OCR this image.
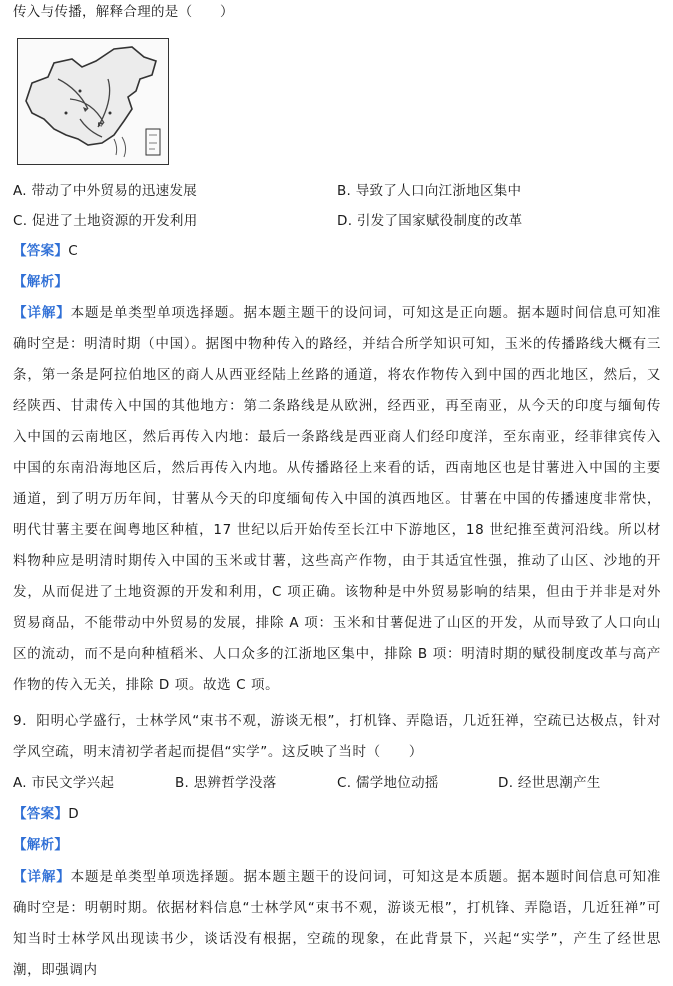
传入与传播，解释合理的是（　　）
A. 带动了中外贸易的迅速发展	B. 导致了人口向江浙地区集中
C. 促进了土地资源的开发利用	D. 引发了国家赋役制度的改革
【答案】C
【解析】
【详解】本题是单类型单项选择题。据本题主题干的设问词，可知这是正向题。据本题时间信息可知准确时空是：明清时期（中国）。据图中物种传入的路经，并结合所学知识可知，玉米的传播路线大概有三条，第一条是阿拉伯地区的商人从西亚经陆上丝路的通道，将农作物传入到中国的西北地区，然后，又经陕西、甘肃传入中国的其他地方：第二条路线是从欧洲，经西亚，再至南亚，从今天的印度与缅甸传入中国的云南地区，然后再传入内地：最后一条路线是西亚商人们经印度洋，至东南亚，经菲律宾传入中国的东南沿海地区后，然后再传入内地。从传播路径上来看的话，西南地区也是甘薯进入中国的主要通道，到了明万历年间，甘薯从今天的印度缅甸传入中国的滇西地区。甘薯在中国的传播速度非常快，明代甘薯主要在闽粤地区种植，17 世纪以后开始传至长江中下游地区，18 世纪推至黄河沿线。所以材料物种应是明清时期传入中国的玉米或甘薯，这些高产作物，由于其适宜性强，推动了山区、沙地的开发，从而促进了土地资源的开发和利用，C 项正确。该物种是中外贸易影响的结果，但由于并非是对外贸易商品，不能带动中外贸易的发展，排除 A 项：玉米和甘薯促进了山区的开发，从而导致了人口向山区的流动，而不是向种植稻米、人口众多的江浙地区集中，排除 B 项：明清时期的赋役制度改革与高产作物的传入无关，排除 D 项。故选 C 项。
9．阳明心学盛行，士林学风“束书不观，游谈无根”，打机锋、弄隐语，几近狂禅，空疏已达极点，针对学风空疏，明末清初学者起而提倡“实学”。这反映了当时（　　）
A. 市民文学兴起	B. 思辨哲学没落	C. 儒学地位动摇	D. 经世思潮产生
【答案】D
【解析】
【详解】本题是单类型单项选择题。据本题主题干的设问词，可知这是本质题。据本题时间信息可知准确时空是：明朝时期。依据材料信息“士林学风“束书不观，游谈无根”，打机锋、弄隐语，几近狂禅”可知当时士林学风出现读书少，谈话没有根据，空疏的现象，在此背景下，兴起“实学”，产生了经世思潮，即强调内
